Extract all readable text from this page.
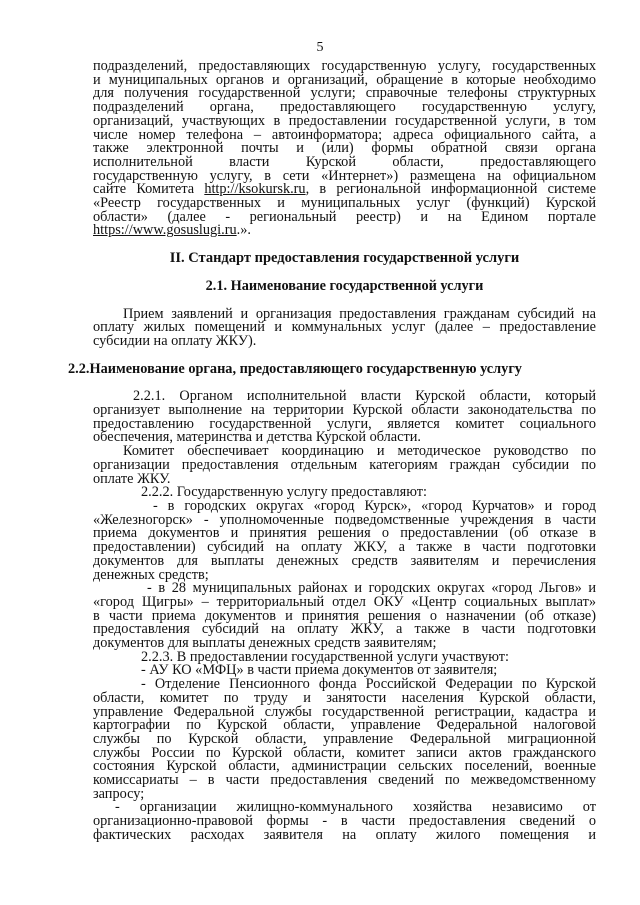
5
подразделений, предоставляющих государственную услугу, государственных
и муниципальных органов и организаций, обращение в которые необходимо
для получения государственной услуги; справочные телефоны структурных
подразделений органа, предоставляющего государственную услугу,
организаций, участвующих в предоставлении государственной услуги, в том
числе номер телефона – автоинформатора; адреса официального сайта, а
также электронной почты и (или) формы обратной связи органа
исполнительной власти Курской области, предоставляющего
государственную услугу, в сети «Интернет») размещена на официальном
сайте Комитета http://ksokursk.ru, в региональной информационной системе
«Реестр государственных и муниципальных услуг (функций) Курской
области» (далее - региональный реестр) и на Едином портале
https://www.gosuslugi.ru.».
II. Стандарт предоставления государственной услуги
2.1. Наименование государственной услуги
Прием заявлений и организация предоставления гражданам субсидий на
оплату жилых помещений и коммунальных услуг (далее – предоставление
субсидии на оплату ЖКУ).
2.2.Наименование органа, предоставляющего государственную услугу
2.2.1. Органом исполнительной власти Курской области, который
организует выполнение на территории Курской области законодательства по
предоставлению государственной услуги, является комитет социального
обеспечения, материнства и детства Курской области.
Комитет обеспечивает координацию и методическое руководство по
организации предоставления отдельным категориям граждан субсидии по
оплате ЖКУ.
2.2.2. Государственную услугу предоставляют:
- в городских округах «город Курск», «город Курчатов» и город
«Железногорск» - уполномоченные подведомственные учреждения в части
приема документов и принятия решения о предоставлении (об отказе в
предоставлении) субсидий на оплату ЖКУ, а также в части подготовки
документов для выплаты денежных средств заявителям и перечисления
денежных средств;
- в 28 муниципальных районах и городских округах «город Льгов» и
«город Щигры» – территориальный отдел ОКУ «Центр социальных выплат»
в части приема документов и принятия решения о назначении (об отказе)
предоставления субсидий на оплату ЖКУ, а также в части подготовки
документов для выплаты денежных средств заявителям;
2.2.3. В предоставлении государственной услуги участвуют:
- АУ КО «МФЦ» в части приема документов от заявителя;
- Отделение Пенсионного фонда Российской Федерации по Курской
области, комитет по труду и занятости населения Курской области,
управление Федеральной службы государственной регистрации, кадастра и
картографии по Курской области, управление Федеральной налоговой
службы по Курской области, управление Федеральной миграционной
службы России по Курской области, комитет записи актов гражданского
состояния Курской области, администрации сельских поселений, военные
комиссариаты – в части предоставления сведений по межведомственному
запросу;
- организации жилищно-коммунального хозяйства независимо от
организационно-правовой формы - в части предоставления сведений о
фактических расходах заявителя на оплату жилого помещения и
